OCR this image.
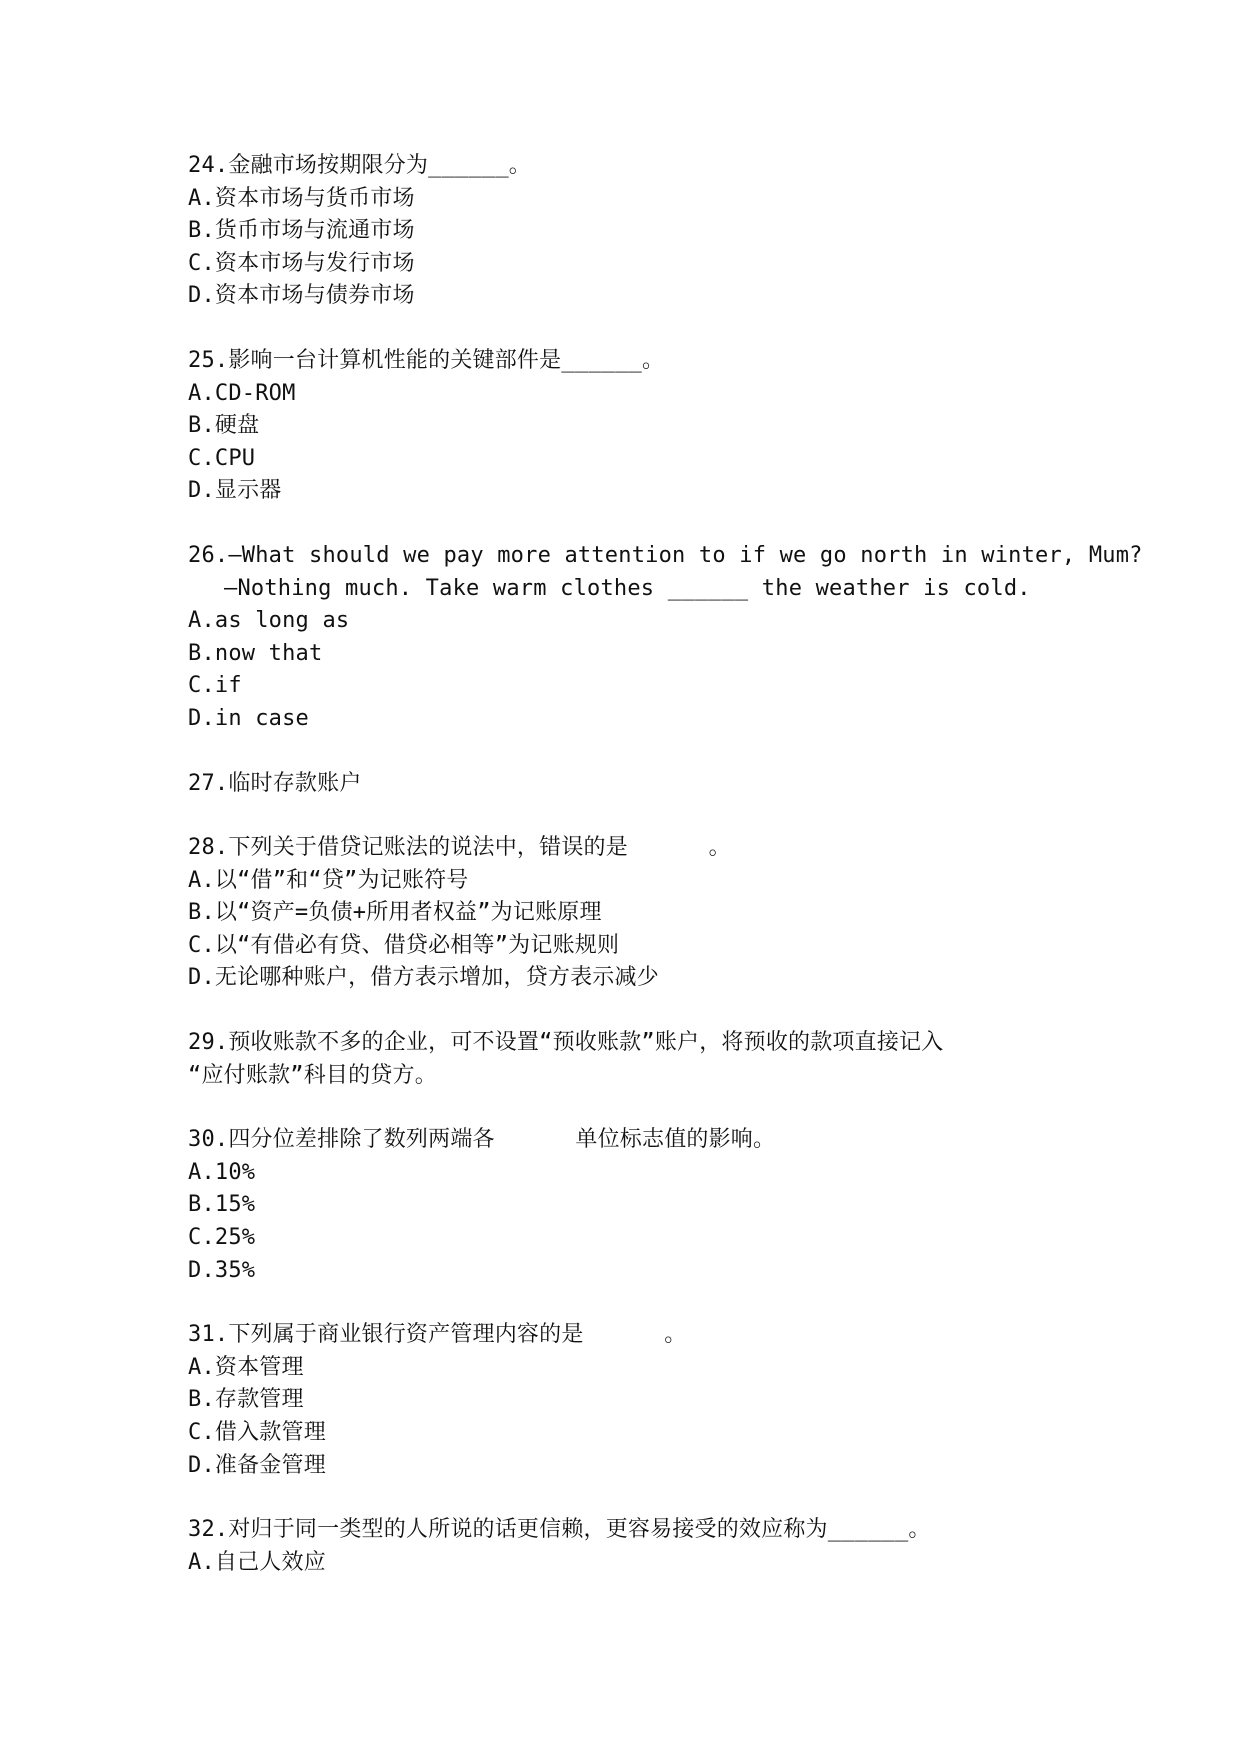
24.金融市场按期限分为______。
A.资本市场与货币市场
B.货币市场与流通市场
C.资本市场与发行市场
D.资本市场与债券市场
25.影响一台计算机性能的关键部件是______。
A.CD-ROM
B.硬盘
C.CPU
D.显示器
26.—What should we pay more attention to if we go north in winter, Mum?
—Nothing much. Take warm clothes ______ the weather is cold.
A.as long as
B.now that
C.if
D.in case
27.临时存款账户
28.下列关于借贷记账法的说法中，错误的是      。
A.以“借”和“贷”为记账符号
B.以“资产=负债+所用者权益”为记账原理
C.以“有借必有贷、借贷必相等”为记账规则
D.无论哪种账户，借方表示增加，贷方表示减少
29.预收账款不多的企业，可不设置“预收账款”账户，将预收的款项直接记入
“应付账款”科目的贷方。
30.四分位差排除了数列两端各      单位标志值的影响。
A.10%
B.15%
C.25%
D.35%
31.下列属于商业银行资产管理内容的是      。
A.资本管理
B.存款管理
C.借入款管理
D.准备金管理
32.对归于同一类型的人所说的话更信赖，更容易接受的效应称为______。
A.自己人效应
